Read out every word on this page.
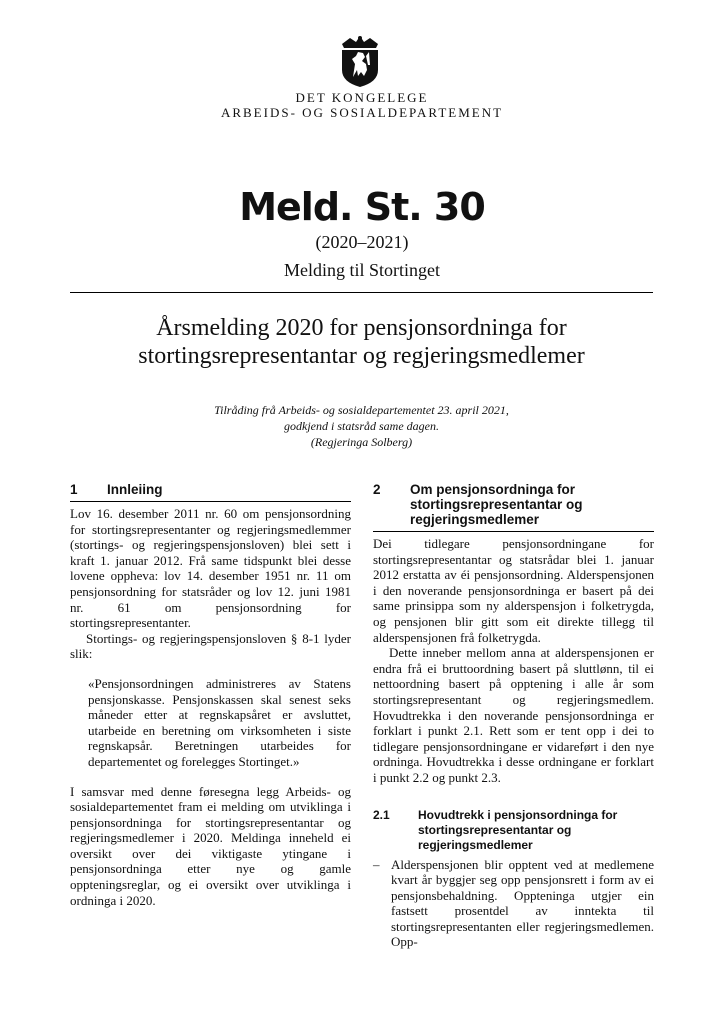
DET KONGELEGE
ARBEIDS- OG SOSIALDEPARTEMENT
Meld. St. 30
(2020–2021)
Melding til Stortinget
Årsmelding 2020 for pensjonsordninga for
stortingsrepresentantar og regjeringsmedlemer
Tilråding frå Arbeids- og sosialdepartementet 23. april 2021,
godkjend i statsråd same dagen.
(Regjeringa Solberg)
1	Innleiing

Lov 16. desember 2011 nr. 60 om pensjonsordning for stortingsrepresentanter og regjeringsmedlemmer (stortings- og regjeringspensjonsloven) blei sett i kraft 1. januar 2012. Frå same tidspunkt blei desse lovene oppheva: lov 14. desember 1951 nr. 11 om pensjonsordning for statsråder og lov 12. juni 1981 nr. 61 om pensjonsordning for stortingsrepresentanter.

Stortings- og regjeringspensjonsloven § 8-1 lyder slik:

«Pensjonsordningen administreres av Statens pensjonskasse. Pensjonskassen skal senest seks måneder etter at regnskapsåret er avsluttet, utarbeide en beretning om virksomheten i siste regnskapsår. Beretningen utarbeides for departementet og forelegges Stortinget.»

I samsvar med denne føresegna legg Arbeids- og sosialdepartementet fram ei melding om utviklinga i pensjonsordninga for stortingsrepresentantar og regjeringsmedlemer i 2020. Meldinga inneheld ei oversikt over dei viktigaste ytingane i pensjonsordninga etter nye og gamle oppteningsreglar, og ei oversikt over utviklinga i ordninga i 2020.

2	Om pensjonsordninga for stortingsrepresentantar og regjeringsmedlemer

Dei tidlegare pensjonsordningane for stortingsrepresentantar og statsrådar blei 1. januar 2012 erstatta av éi pensjonsordning. Alderspensjonen i den noverande pensjonsordninga er basert på dei same prinsippa som ny alderspensjon i folketrygda, og pensjonen blir gitt som eit direkte tillegg til alderspensjonen frå folketrygda.

Dette inneber mellom anna at alderspensjonen er endra frå ei bruttoordning basert på sluttlønn, til ei nettoordning basert på opptening i alle år som stortingsrepresentant og regjeringsmedlem. Hovudtrekka i den noverande pensjonsordninga er forklart i punkt 2.1. Rett som er tent opp i dei to tidlegare pensjonsordningane er vidareført i den nye ordninga. Hovudtrekka i desse ordningane er forklart i punkt 2.2 og punkt 2.3.

2.1	Hovudtrekk i pensjonsordninga for stortingsrepresentantar og regjeringsmedlemer
– Alderspensjonen blir opptent ved at medlemene kvart år byggjer seg opp pensjonsrett i form av ei pensjonsbehaldning. Oppteninga utgjer ein fastsett prosentdel av inntekta til stortingsrepresentanten eller regjeringsmedlemen. Opp-
